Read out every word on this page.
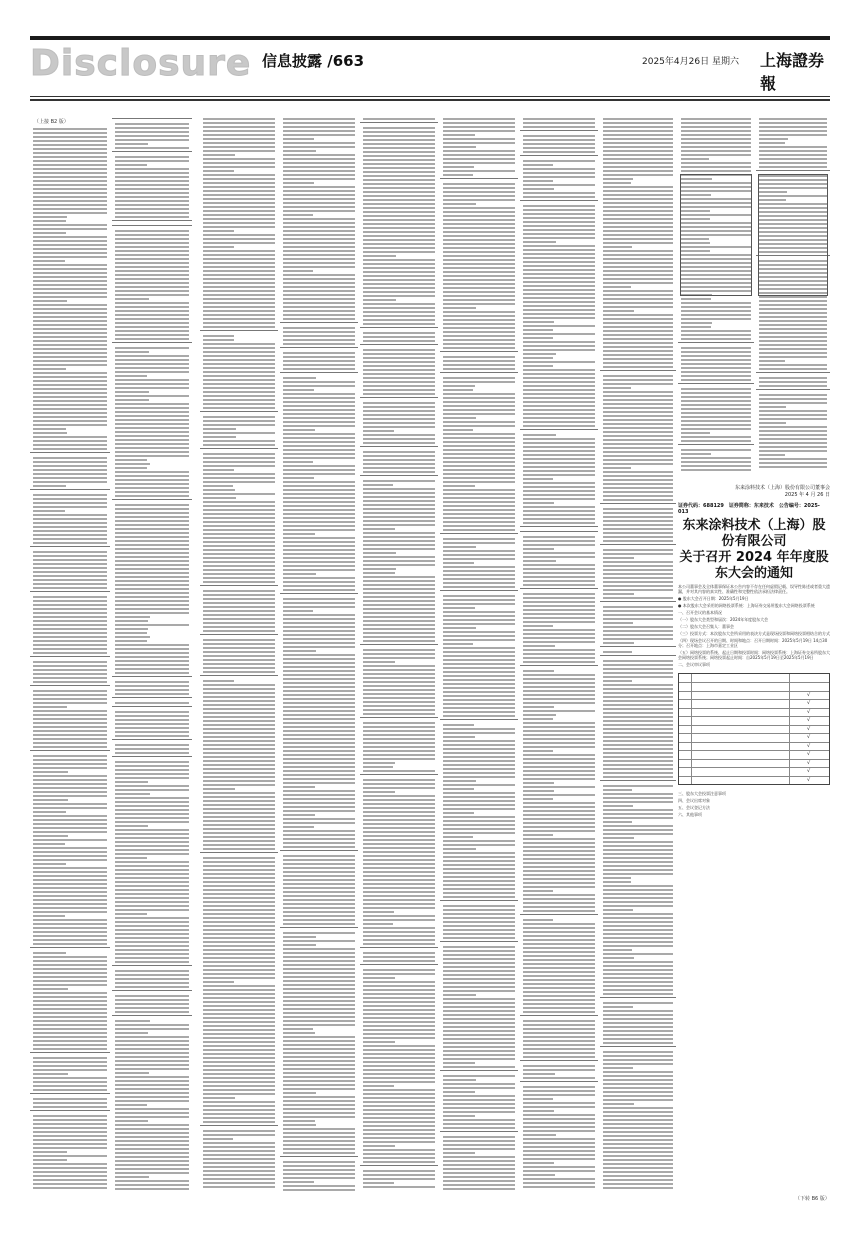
Disclosure 信息披露 /663	2025年4月26日 星期六 上海證券報
（上接 B2 版）
（下转 B6 版）
东来涂料技术（上海）股份有限公司董事会
2025 年 4 月 26 日
证券代码：688129　证券简称：东来技术　公告编号：2025-013
东来涂料技术（上海）股份有限公司
关于召开 2024 年年度股东大会的通知

本公司董事会及全体董事保证本公告内容不存在任何虚假记载、误导性陈述或者重大遗漏，并对其内容的真实性、准确性和完整性依法承担法律责任。

● 股东大会召开日期：2025年5月19日

● 本次股东大会采用的网络投票系统：上海证券交易所股东大会网络投票系统

一、召开会议的基本情况

（一）股东大会类型和届次：2024年年度股东大会

（二）股东大会召集人：董事会

（三）投票方式：本次股东大会所采用的表决方式是现场投票和网络投票相结合的方式

（四）现场会议召开的日期、时间和地点：召开日期时间：2025年5月19日 14点30分；召开地点：上海市嘉定工业区

（五）网络投票的系统、起止日期和投票时间：网络投票系统：上海证券交易所股东大会网络投票系统；网络投票起止时间：自2025年5月19日至2025年5月19日

二、会议审议事项

√
√
√
√
√
√
√
√
√
√
√

三、股东大会投票注意事项

四、会议出席对象

五、会议登记方法

六、其他事项
